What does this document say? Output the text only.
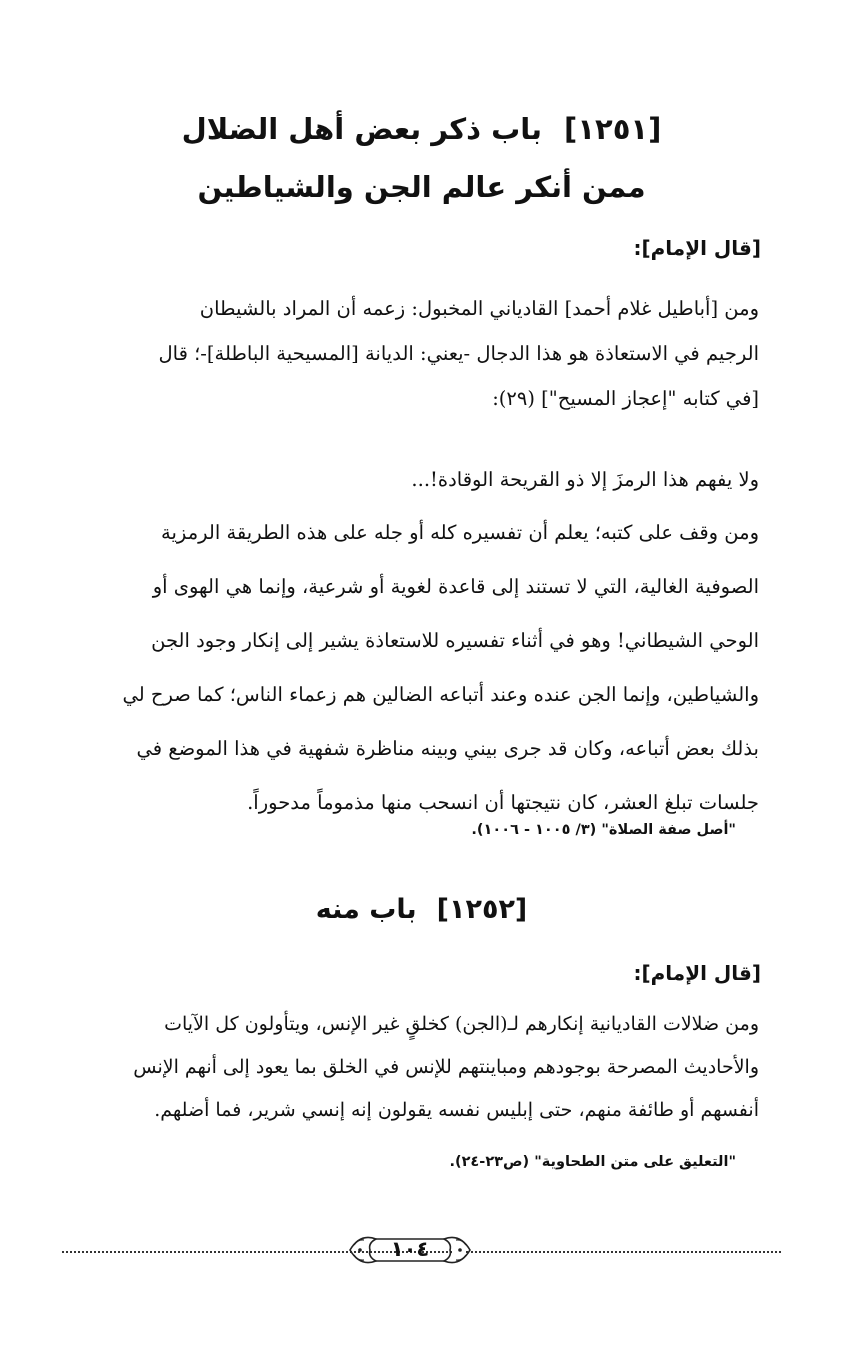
[١٢٥١]باب ذكر بعض أهل الضلال
ممن أنكر عالم الجن والشياطين
[قال الإمام]:
ومن [أباطيل غلام أحمد] القادياني المخبول: زعمه أن المراد بالشيطان
الرجيم في الاستعاذة هو هذا الدجال -يعني: الديانة [المسيحية الباطلة]-؛ قال
[في كتابه "إعجاز المسيح"] (٢٩):
ولا يفهم هذا الرمزَ إلا ذو القريحة الوقادة!...
ومن وقف على كتبه؛ يعلم أن تفسيره كله أو جله على هذه الطريقة الرمزية
الصوفية الغالية، التي لا تستند إلى قاعدة لغوية أو شرعية، وإنما هي الهوى أو
الوحي الشيطاني! وهو في أثناء تفسيره للاستعاذة يشير إلى إنكار وجود الجن
والشياطين، وإنما الجن عنده وعند أتباعه الضالين هم زعماء الناس؛ كما صرح لي
بذلك بعض أتباعه، وكان قد جرى بيني وبينه مناظرة شفهية في هذا الموضع في
جلسات تبلغ العشر، كان نتيجتها أن انسحب منها مذموماً مدحوراً.
"أصل صفة الصلاة" (٣/ ١٠٠٥ - ١٠٠٦).
[١٢٥٢]باب منه
[قال الإمام]:
ومن ضلالات القاديانية إنكارهم لـ(الجن) كخلقٍ غير الإنس، ويتأولون كل الآيات
والأحاديث المصرحة بوجودهم ومباينتهم للإنس في الخلق بما يعود إلى أنهم الإنس
أنفسهم أو طائفة منهم، حتى إبليس نفسه يقولون إنه إنسي شرير، فما أضلهم.
"التعليق على متن الطحاوية" (ص٢٣-٢٤).
١٠٤
